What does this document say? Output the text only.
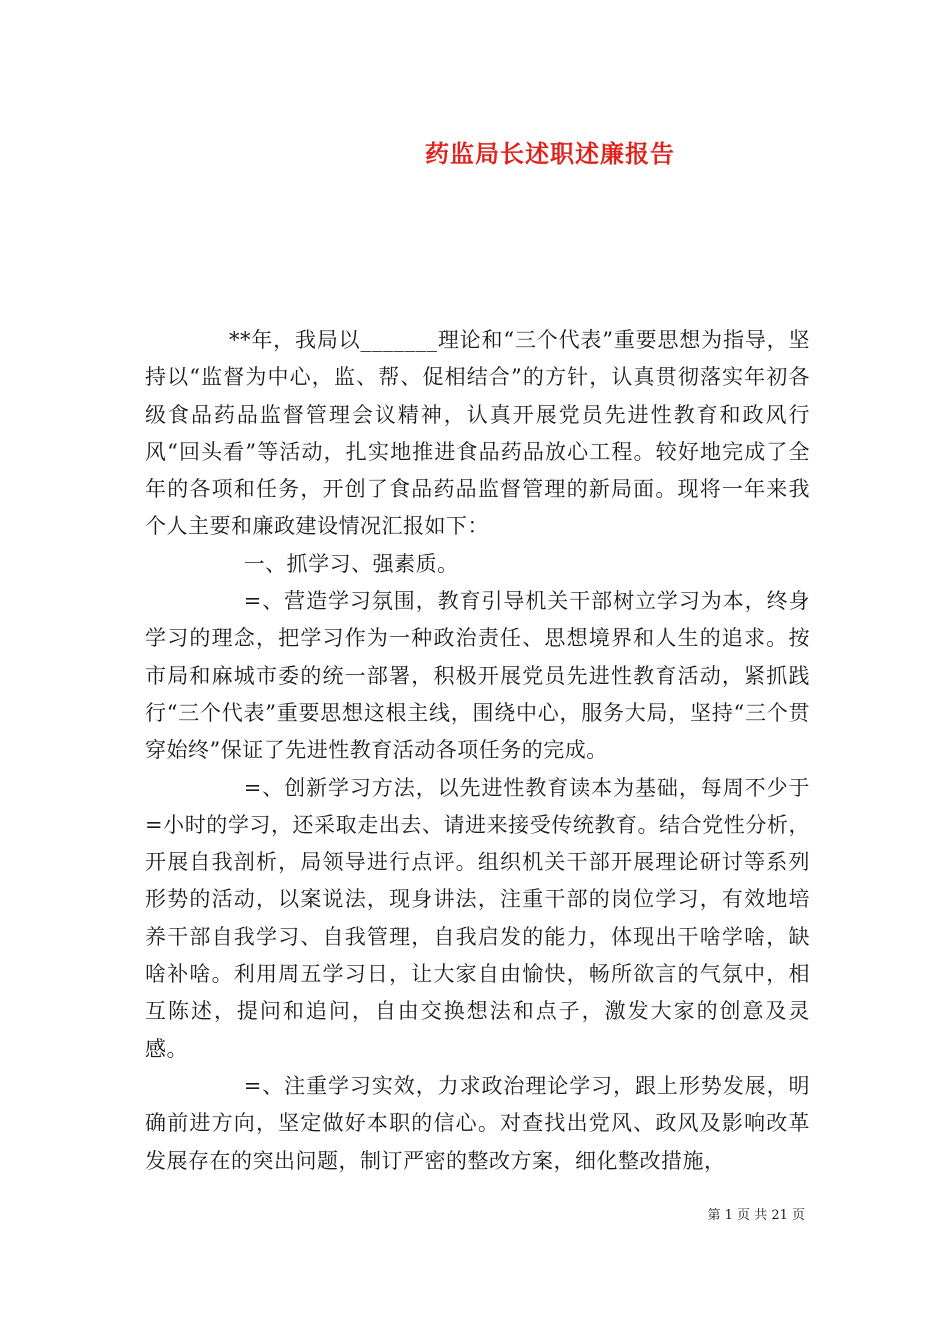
药监局长述职述廉报告

**年，我局以_______理论和“三个代表”重要思想为指导，坚持以“监督为中心，监、帮、促相结合”的方针，认真贯彻落实年初各级食品药品监督管理会议精神，认真开展党员先进性教育和政风行风“回头看”等活动，扎实地推进食品药品放心工程。较好地完成了全年的各项和任务，开创了食品药品监督管理的新局面。现将一年来我个人主要和廉政建设情况汇报如下：

一、抓学习、强素质。

=、营造学习氛围，教育引导机关干部树立学习为本，终身学习的理念，把学习作为一种政治责任、思想境界和人生的追求。按市局和麻城市委的统一部署，积极开展党员先进性教育活动，紧抓践行“三个代表”重要思想这根主线，围绕中心，服务大局，坚持“三个贯穿始终”保证了先进性教育活动各项任务的完成。

=、创新学习方法，以先进性教育读本为基础，每周不少于=小时的学习，还采取走出去、请进来接受传统教育。结合党性分析，开展自我剖析，局领导进行点评。组织机关干部开展理论研讨等系列形势的活动，以案说法，现身讲法，注重干部的岗位学习，有效地培养干部自我学习、自我管理，自我启发的能力，体现出干啥学啥，缺啥补啥。利用周五学习日，让大家自由愉快，畅所欲言的气氛中，相互陈述，提问和追问，自由交换想法和点子，激发大家的创意及灵感。

=、注重学习实效，力求政治理论学习，跟上形势发展，明确前进方向，坚定做好本职的信心。对查找出党风、政风及影响改革发展存在的突出问题，制订严密的整改方案，细化整改措施，

第 1 页 共 21 页
